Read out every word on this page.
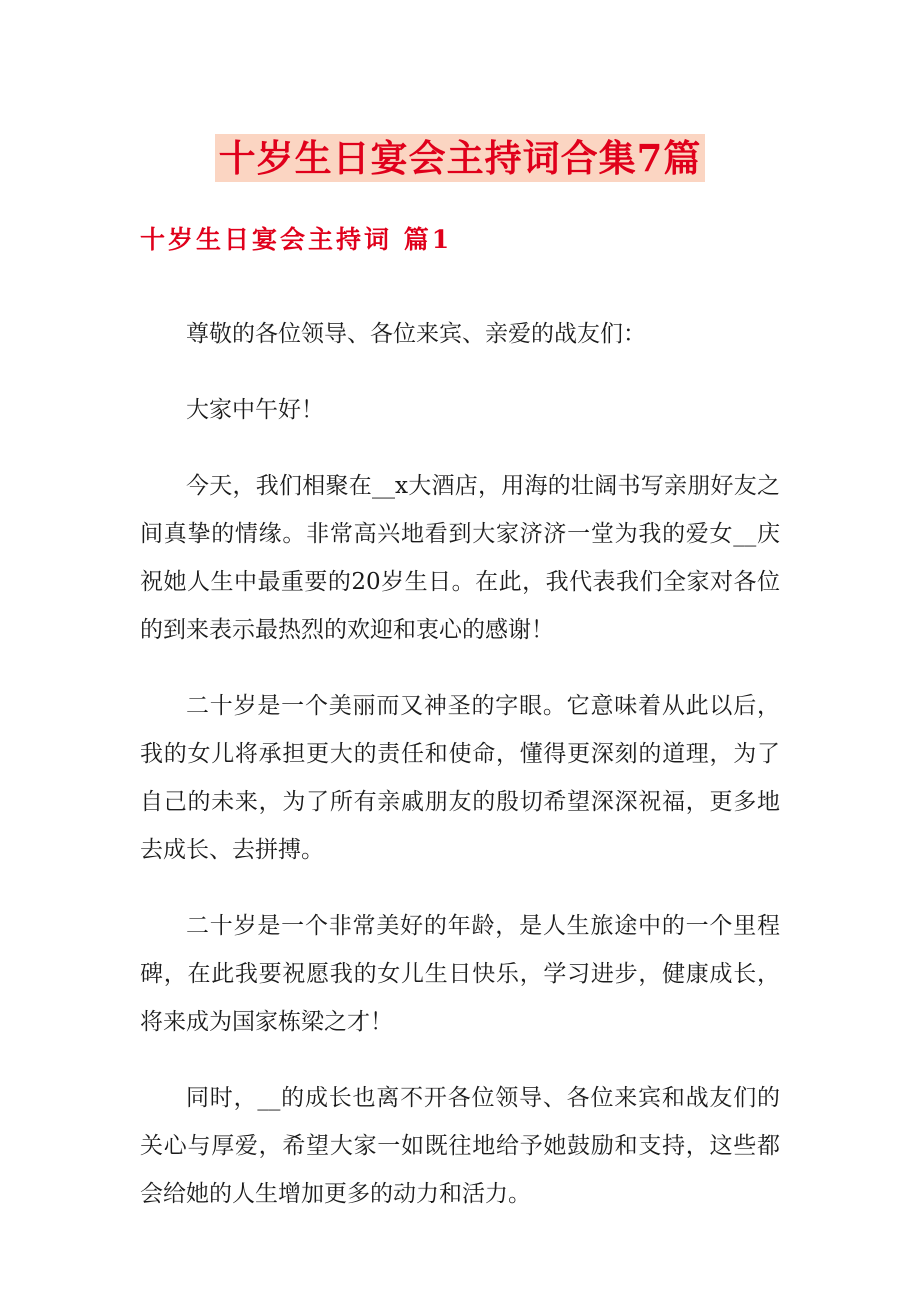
十岁生日宴会主持词合集7篇
十岁生日宴会主持词 篇1

尊敬的各位领导、各位来宾、亲爱的战友们：

大家中午好！

今天，我们相聚在__x大酒店，用海的壮阔书写亲朋好友之间真挚的情缘。非常高兴地看到大家济济一堂为我的爱女__庆祝她人生中最重要的20岁生日。在此，我代表我们全家对各位的到来表示最热烈的欢迎和衷心的感谢！

二十岁是一个美丽而又神圣的字眼。它意味着从此以后，我的女儿将承担更大的责任和使命，懂得更深刻的道理，为了自己的未来，为了所有亲戚朋友的殷切希望深深祝福，更多地去成长、去拼搏。

二十岁是一个非常美好的年龄，是人生旅途中的一个里程碑，在此我要祝愿我的女儿生日快乐，学习进步，健康成长，将来成为国家栋梁之才！

同时，__的成长也离不开各位领导、各位来宾和战友们的关心与厚爱，希望大家一如既往地给予她鼓励和支持，这些都会给她的人生增加更多的动力和活力。
